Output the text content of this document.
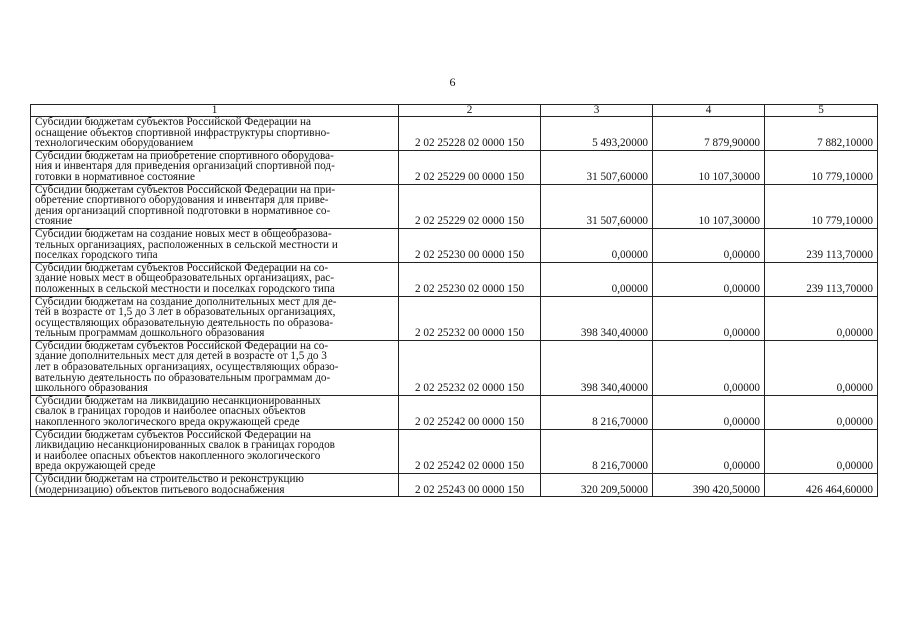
6
1	2	3	4	5

Субсидии бюджетам субъектов Российской Федерации на
оснащение объектов спортивной инфраструктуры спортивно-
технологическим оборудованием	2 02 25228 02 0000 150	5 493,20000	7 879,90000	7 882,10000

Субсидии бюджетам на приобретение спортивного оборудова-
ния и инвентаря для приведения организаций спортивной под-
готовки в нормативное состояние	2 02 25229 00 0000 150	31 507,60000	10 107,30000	10 779,10000

Субсидии бюджетам субъектов Российской Федерации на при-
обретение спортивного оборудования и инвентаря для приве-
дения организаций спортивной подготовки в нормативное со-
стояние	2 02 25229 02 0000 150	31 507,60000	10 107,30000	10 779,10000

Субсидии бюджетам на создание новых мест в общеобразова-
тельных организациях, расположенных в сельской местности и
поселках городского типа	2 02 25230 00 0000 150	0,00000	0,00000	239 113,70000

Субсидии бюджетам субъектов Российской Федерации на со-
здание новых мест в общеобразовательных организациях, рас-
положенных в сельской местности и поселках городского типа	2 02 25230 02 0000 150	0,00000	0,00000	239 113,70000

Субсидии бюджетам на создание дополнительных мест для де-
тей в возрасте от 1,5 до 3 лет в образовательных организациях,
осуществляющих образовательную деятельность по образова-
тельным программам дошкольного образования	2 02 25232 00 0000 150	398 340,40000	0,00000	0,00000

Субсидии бюджетам субъектов Российской Федерации на со-
здание дополнительных мест для детей в возрасте от 1,5 до 3
лет в образовательных организациях, осуществляющих образо-
вательную деятельность по образовательным программам до-
школьного образования	2 02 25232 02 0000 150	398 340,40000	0,00000	0,00000

Субсидии бюджетам на ликвидацию несанкционированных
свалок в границах городов и наиболее опасных объектов
накопленного экологического вреда окружающей среде	2 02 25242 00 0000 150	8 216,70000	0,00000	0,00000

Субсидии бюджетам субъектов Российской Федерации на
ликвидацию несанкционированных свалок в границах городов
и наиболее опасных объектов накопленного экологического
вреда окружающей среде	2 02 25242 02 0000 150	8 216,70000	0,00000	0,00000

Субсидии бюджетам на строительство и реконструкцию
(модернизацию) объектов питьевого водоснабжения	2 02 25243 00 0000 150	320 209,50000	390 420,50000	426 464,60000
